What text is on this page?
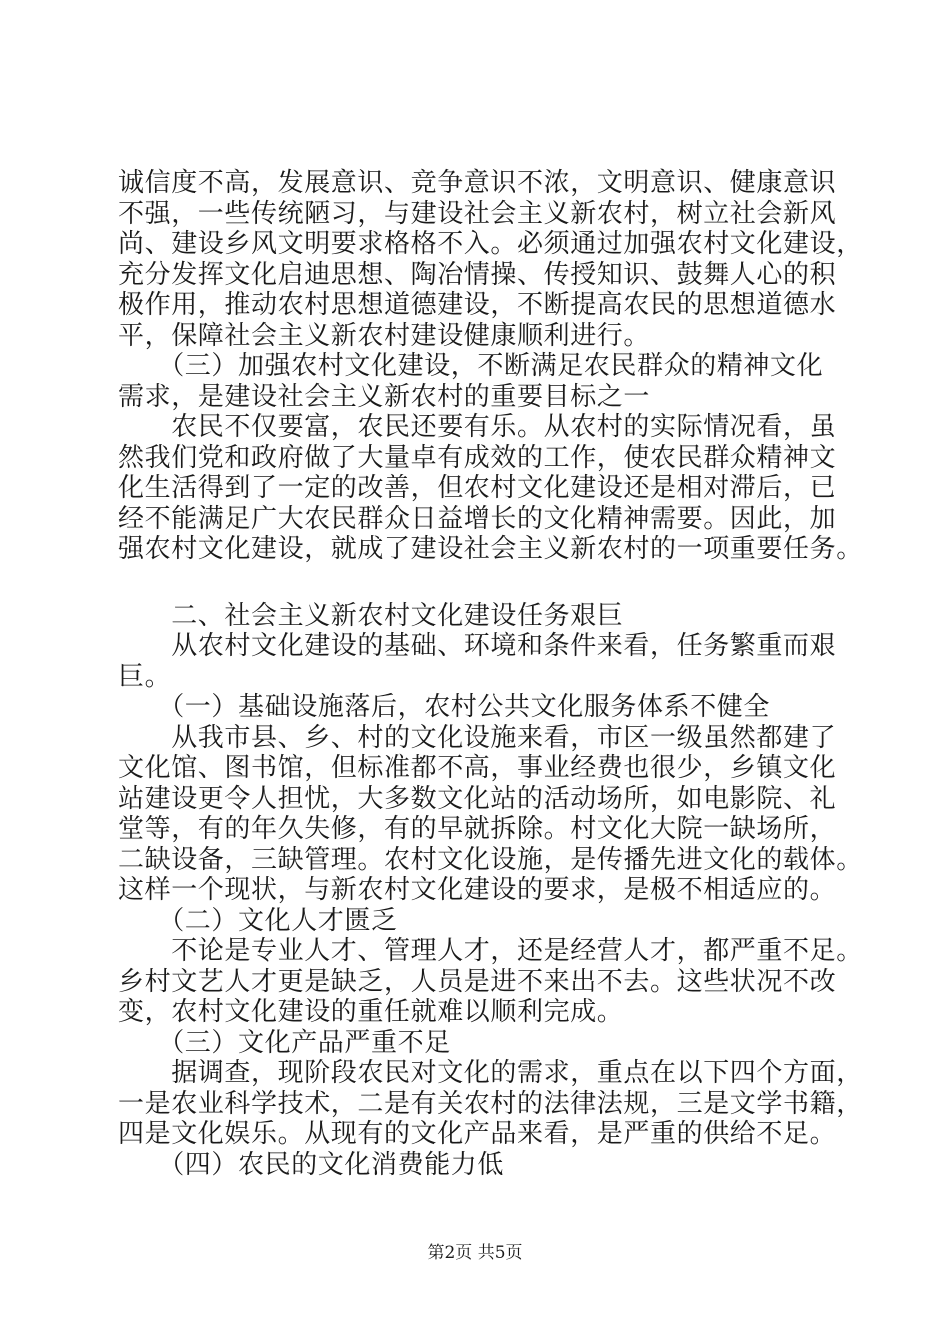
诚信度不高，发展意识、竞争意识不浓，文明意识、健康意识
不强，一些传统陋习，与建设社会主义新农村，树立社会新风
尚、建设乡风文明要求格格不入。必须通过加强农村文化建设，
充分发挥文化启迪思想、陶冶情操、传授知识、鼓舞人心的积
极作用，推动农村思想道德建设，不断提高农民的思想道德水
平，保障社会主义新农村建设健康顺利进行。
　　（三）加强农村文化建设，不断满足农民群众的精神文化
需求，是建设社会主义新农村的重要目标之一
　　农民不仅要富，农民还要有乐。从农村的实际情况看，虽
然我们党和政府做了大量卓有成效的工作，使农民群众精神文
化生活得到了一定的改善，但农村文化建设还是相对滞后，已
经不能满足广大农民群众日益增长的文化精神需要。因此，加
强农村文化建设，就成了建设社会主义新农村的一项重要任务。
　　二、社会主义新农村文化建设任务艰巨
　　从农村文化建设的基础、环境和条件来看，任务繁重而艰
巨。
　　（一）基础设施落后，农村公共文化服务体系不健全
　　从我市县、乡、村的文化设施来看，市区一级虽然都建了
文化馆、图书馆，但标准都不高，事业经费也很少，乡镇文化
站建设更令人担忧，大多数文化站的活动场所，如电影院、礼
堂等，有的年久失修，有的早就拆除。村文化大院一缺场所，
二缺设备，三缺管理。农村文化设施，是传播先进文化的载体。
这样一个现状，与新农村文化建设的要求，是极不相适应的。
　　（二）文化人才匮乏
　　不论是专业人才、管理人才，还是经营人才，都严重不足。
乡村文艺人才更是缺乏，人员是进不来出不去。这些状况不改
变，农村文化建设的重任就难以顺利完成。
　　（三）文化产品严重不足
　　据调查，现阶段农民对文化的需求，重点在以下四个方面，
一是农业科学技术，二是有关农村的法律法规，三是文学书籍，
四是文化娱乐。从现有的文化产品来看，是严重的供给不足。
　　（四）农民的文化消费能力低
第2页 共5页
